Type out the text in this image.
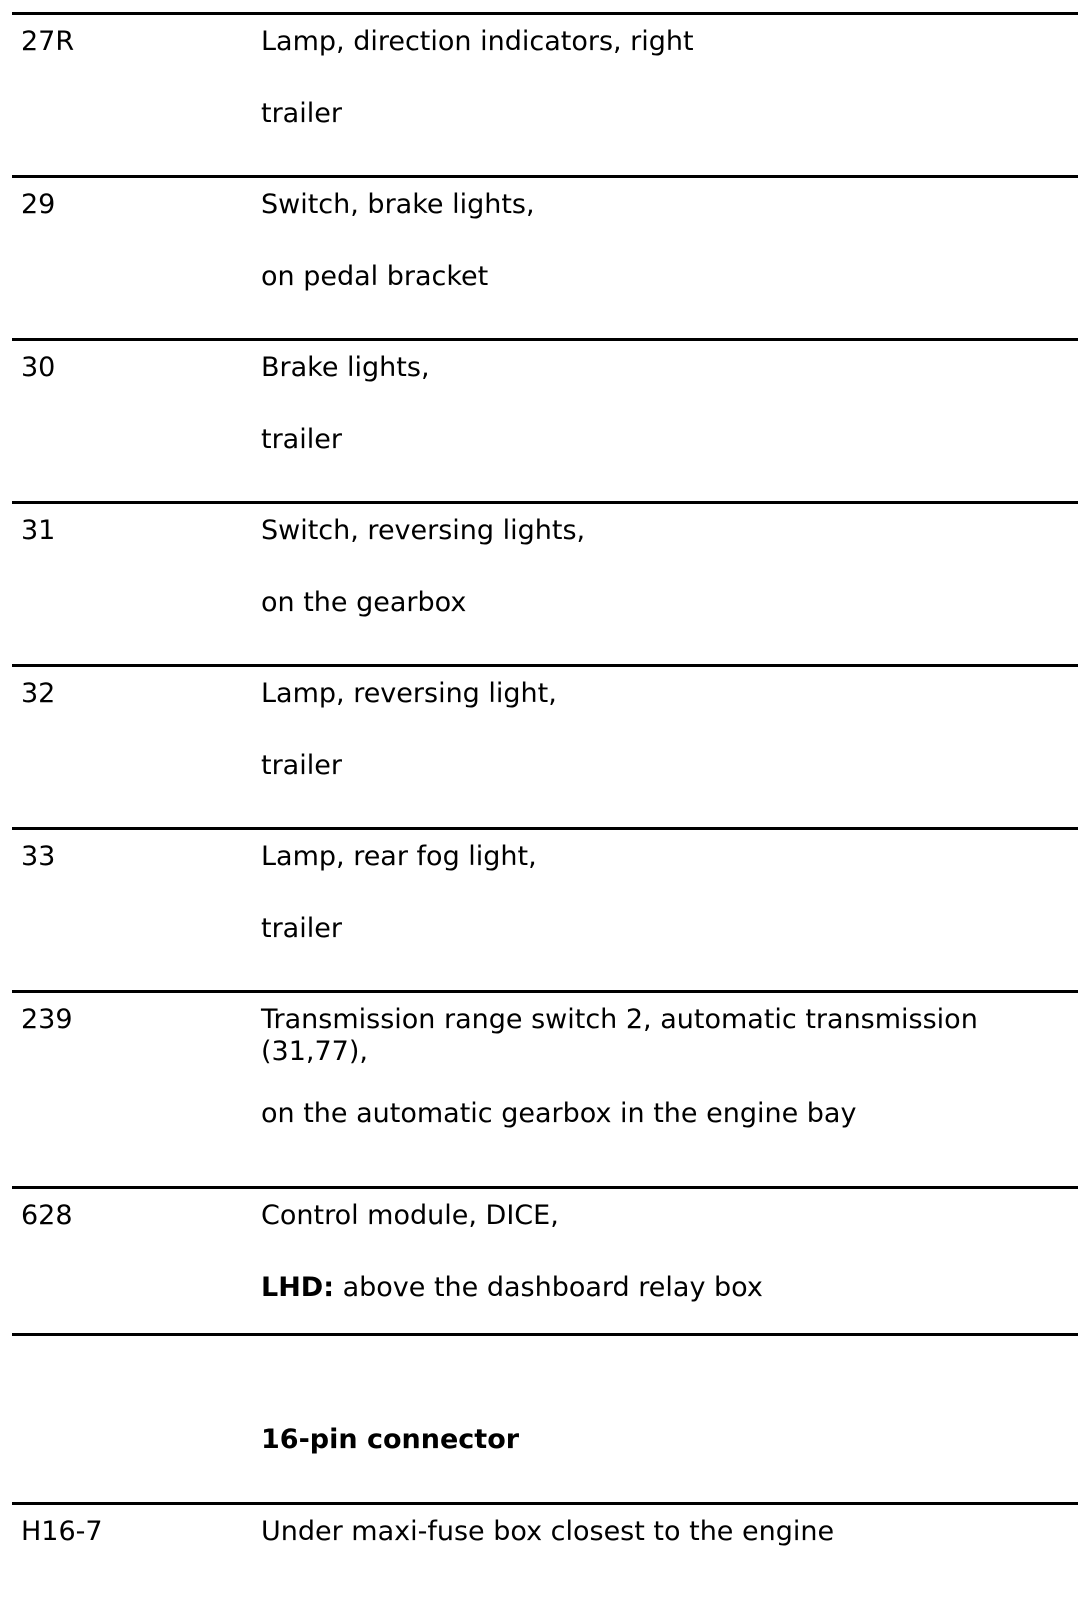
27R	Lamp, direction indicators, right
trailer
29	Switch, brake lights,
on pedal bracket
30	Brake lights,
trailer
31	Switch, reversing lights,
on the gearbox
32	Lamp, reversing light,
trailer
33	Lamp, rear fog light,
trailer
239	Transmission range switch 2, automatic transmission (31,77),
on the automatic gearbox in the engine bay
628	Control module, DICE,
LHD: above the dashboard relay box
16-pin connector
H16-7	Under maxi-fuse box closest to the engine
